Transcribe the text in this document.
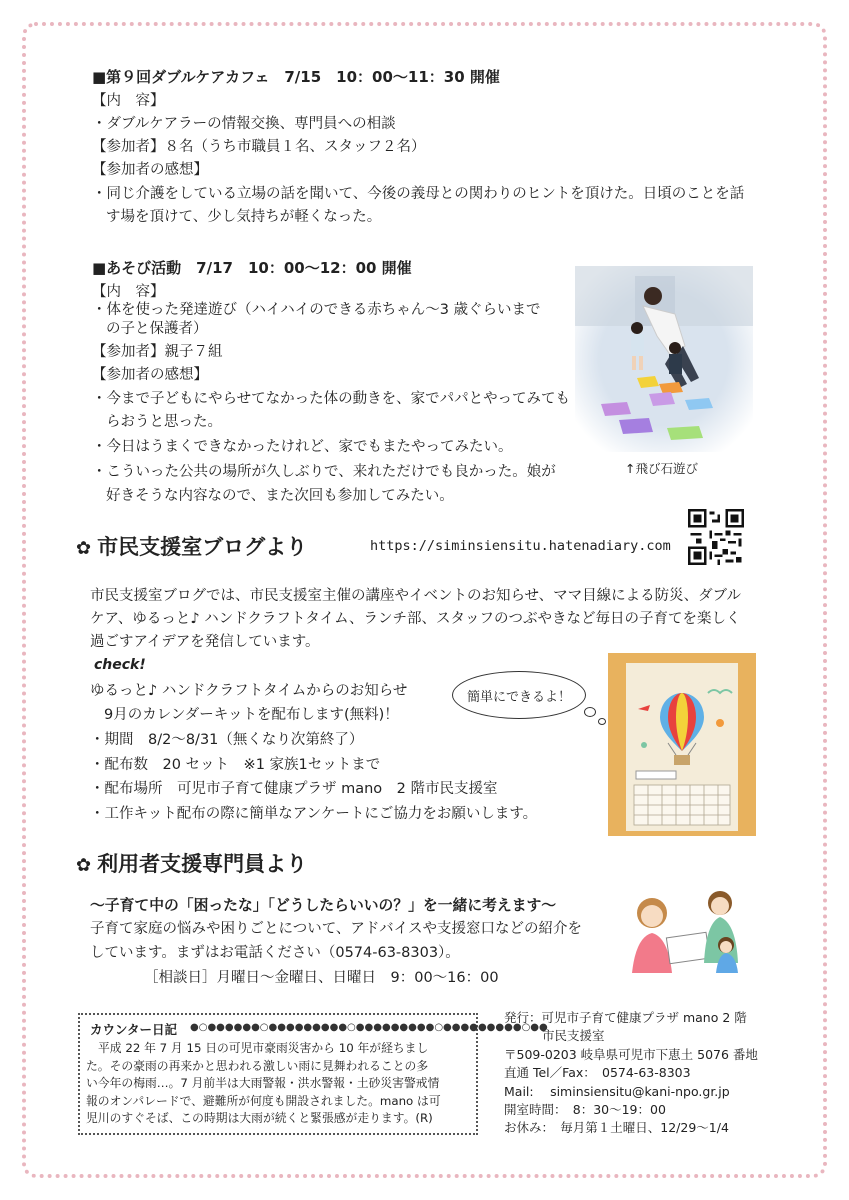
■第９回ダブルケアカフェ　7/15　10：00～11：30 開催
【内　容】
・ダブルケアラーの情報交換、専門員への相談
【参加者】８名（うち市職員１名、スタッフ２名）
【参加者の感想】
・同じ介護をしている立場の話を聞いて、今後の義母との関わりのヒントを頂けた。日頃のことを話
す場を頂けて、少し気持ちが軽くなった。
■あそび活動　7/17　10：00～12：00 開催
【内　容】
・体を使った発達遊び（ハイハイのできる赤ちゃん～3 歳ぐらいまで
の子と保護者）
【参加者】親子７組
【参加者の感想】
・今まで子どもにやらせてなかった体の動きを、家でパパとやってみても
らおうと思った。
・今日はうまくできなかったけれど、家でもまたやってみたい。
・こういった公共の場所が久しぶりで、来れただけでも良かった。娘が
好きそうな内容なので、また次回も参加してみたい。
↑飛び石遊び
✿ 市民支援室ブログより	https://siminsiensitu.hatenadiary.com
市民支援室ブログでは、市民支援室主催の講座やイベントのお知らせ、ママ目線による防災、ダブル
ケア、ゆるっと♪ ハンドクラフトタイム、ランチ部、スタッフのつぶやきなど毎日の子育てを楽しく
過ごすアイデアを発信しています。
check!
ゆるっと♪ ハンドクラフトタイムからのお知らせ
9月のカレンダーキットを配布します(無料)！
・期間　8/2～8/31（無くなり次第終了）
・配布数　20 セット　※1 家族1セットまで
・配布場所　可児市子育て健康プラザ mano　2 階市民支援室
・工作キット配布の際に簡単なアンケートにご協力をお願いします。
簡単にできるよ！
✿ 利用者支援専門員より
～子育て中の「困ったな」「どうしたらいいの？」を一緒に考えます～
子育て家庭の悩みや困りごとについて、アドバイスや支援窓口などの紹介を
しています。まずはお電話ください（0574-63-8303）。
［相談日］月曜日～金曜日、日曜日　9：00～16：00
カウンター日記 ●○●●●●●●○●●●●●●●●●○●●●●●●●●●○●●●●●●●●●○●●
平成 22 年 7 月 15 日の可児市豪雨災害から 10 年が経ちまし
た。その豪雨の再来かと思われる激しい雨に見舞われることの多
い今年の梅雨…。7 月前半は大雨警報・洪水警報・土砂災害警戒情
報のオンパレードで、避難所が何度も開設されました。mano は可
児川のすぐそば、この時期は大雨が続くと緊張感が走ります。(R)
発行：可児市子育て健康プラザ mano 2 階
市民支援室
〒509-0203 岐阜県可児市下恵土 5076 番地
直通 Tel／Fax：　0574-63-8303
Mail:　 siminsiensitu@kani-npo.gr.jp
開室時間：　8：30～19：00
お休み：　毎月第１土曜日、12/29～1/4
